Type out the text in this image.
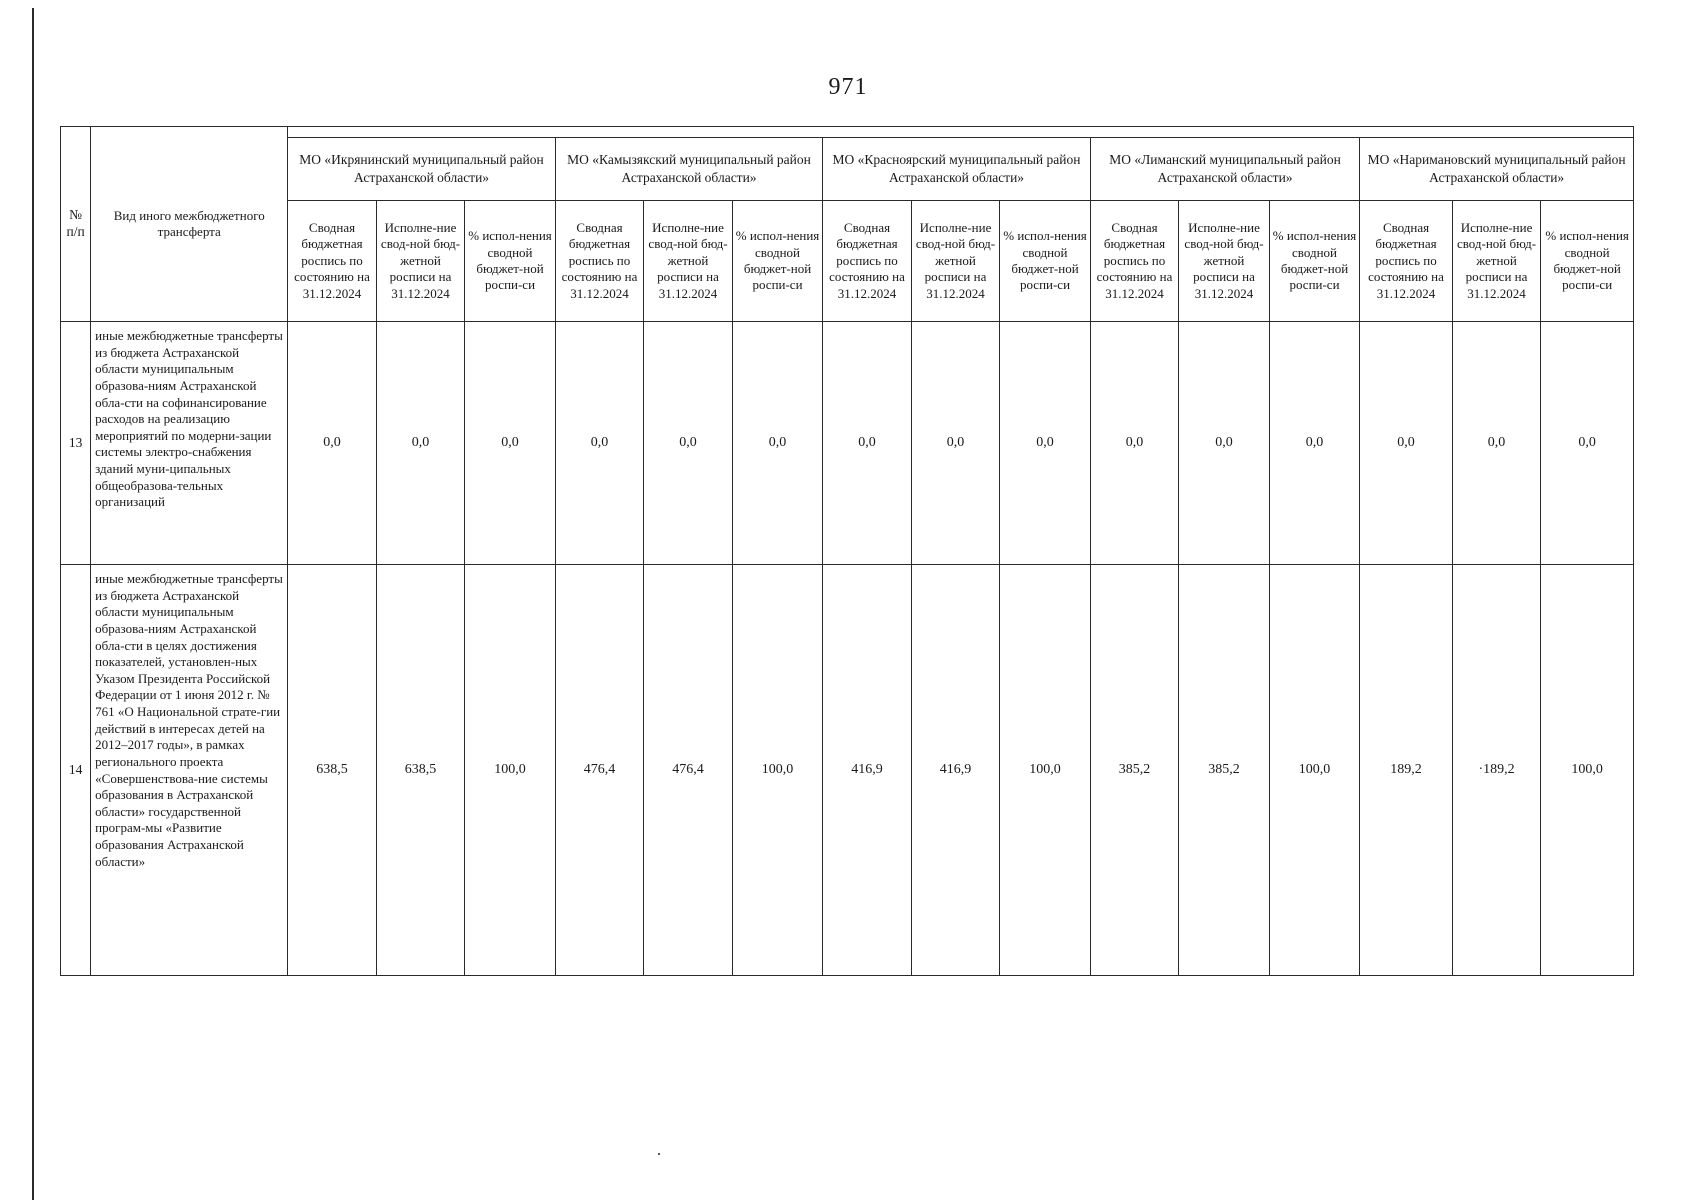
971
№ п/п	Вид иного межбюджетного трансферта															
		МО «Икрянинский муниципальный район Астраханской области»			МО «Камызякский муниципальный район Астраханской области»			МО «Красноярский муниципальный район Астраханской области»			МО «Лиманский муниципальный район Астраханской области»			МО «Наримановский муниципальный район Астраханской области»		
		Сводная бюджетная роспись по состоянию на 31.12.2024	Исполне-ние свод-ной бюд-жетной росписи на 31.12.2024	% испол-нения сводной бюджет-ной роспи-си	Сводная бюджетная роспись по состоянию на 31.12.2024	Исполне-ние свод-ной бюд-жетной росписи на 31.12.2024	% испол-нения сводной бюджет-ной роспи-си	Сводная бюджетная роспись по состоянию на 31.12.2024	Исполне-ние свод-ной бюд-жетной росписи на 31.12.2024	% испол-нения сводной бюджет-ной роспи-си	Сводная бюджетная роспись по состоянию на 31.12.2024	Исполне-ние свод-ной бюд-жетной росписи на 31.12.2024	% испол-нения сводной бюджет-ной роспи-си	Сводная бюджетная роспись по состоянию на 31.12.2024	Исполне-ние свод-ной бюд-жетной росписи на 31.12.2024	% испол-нения сводной бюджет-ной роспи-си
13	иные межбюджетные трансферты из бюджета Астраханской области муниципальным образова-ниям Астраханской обла-сти на софинансирование расходов на реализацию мероприятий по модерни-зации системы электро-снабжения зданий муни-ципальных общеобразова-тельных организаций	0,0	0,0	0,0	0,0	0,0	0,0	0,0	0,0	0,0	0,0	0,0	0,0	0,0	0,0	0,0
14	иные межбюджетные трансферты из бюджета Астраханской области муниципальным образова-ниям Астраханской обла-сти в целях достижения показателей, установлен-ных Указом Президента Российской Федерации от 1 июня 2012 г. № 761 «О Национальной страте-гии действий в интересах детей на 2012–2017 годы», в рамках регионального проекта «Совершенствова-ние системы образования в Астраханской области» государственной програм-мы «Развитие образования Астраханской области»	638,5	638,5	100,0	476,4	476,4	100,0	416,9	416,9	100,0	385,2	385,2	100,0	189,2	·189,2	100,0
